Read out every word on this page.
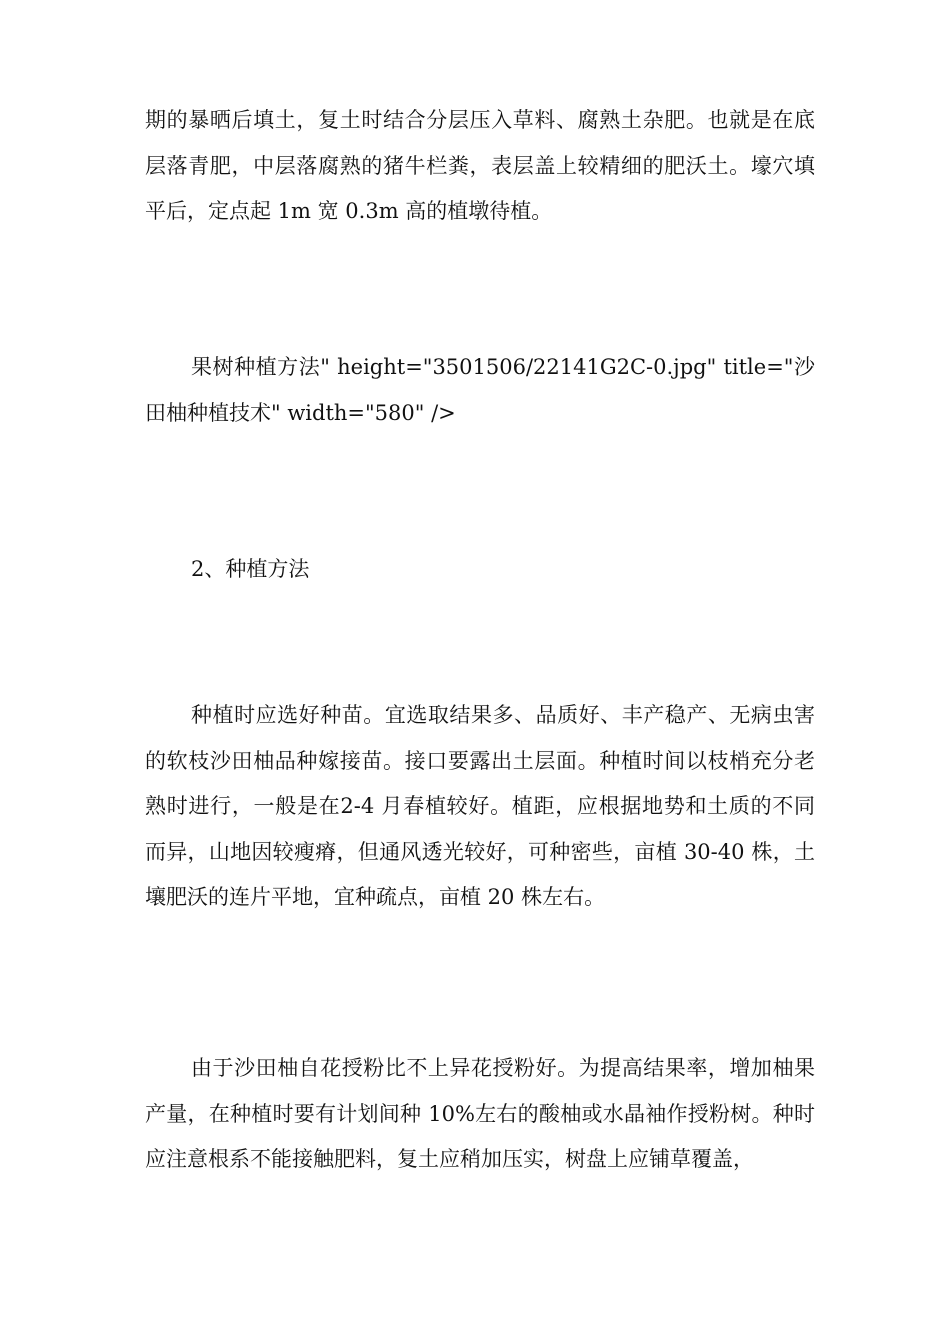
期的暴晒后填土，复土时结合分层压入草料、腐熟土杂肥。也就是在底层落青肥，中层落腐熟的猪牛栏粪，表层盖上较精细的肥沃土。壕穴填平后，定点起 1m 宽 0.3m 高的植墩待植。

果树种植方法" height="3501506/22141G2C-0.jpg" title="沙田柚种植技术" width="580" />

2、种植方法

种植时应选好种苗。宜选取结果多、品质好、丰产稳产、无病虫害的软枝沙田柚品种嫁接苗。接口要露出土层面。种植时间以枝梢充分老熟时进行，一般是在2-4 月春植较好。植距，应根据地势和土质的不同而异，山地因较瘦瘠，但通风透光较好，可种密些，亩植 30-40 株，土壤肥沃的连片平地，宜种疏点，亩植 20 株左右。

由于沙田柚自花授粉比不上异花授粉好。为提高结果率，增加柚果产量，在种植时要有计划间种 10%左右的酸柚或水晶袖作授粉树。种时应注意根系不能接触肥料，复土应稍加压实，树盘上应铺草覆盖，
